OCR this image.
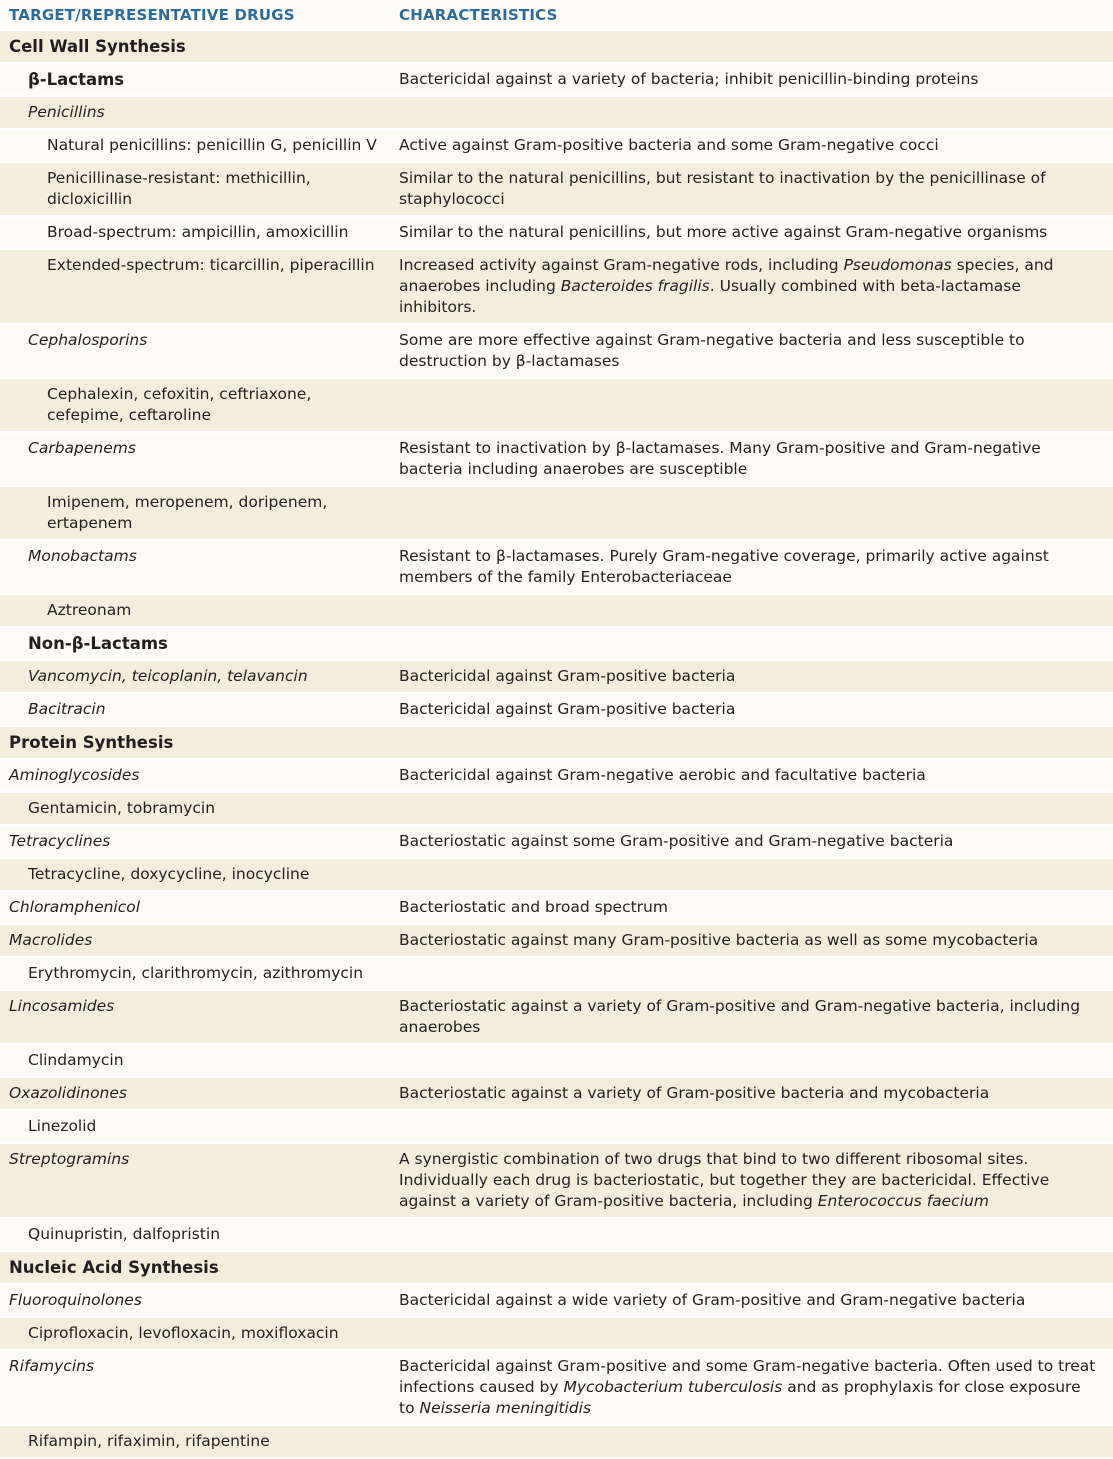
TARGET/REPRESENTATIVE DRUGS	CHARACTERISTICS
Cell Wall Synthesis	
β-Lactams	Bactericidal against a variety of bacteria; inhibit penicillin-binding proteins
Penicillins	
Natural penicillins: penicillin G, penicillin V	Active against Gram-positive bacteria and some Gram-negative cocci
Penicillinase-resistant: methicillin, dicloxicillin	Similar to the natural penicillins, but resistant to inactivation by the penicillinase of staphylococci
Broad-spectrum: ampicillin, amoxicillin	Similar to the natural penicillins, but more active against Gram-negative organisms
Extended-spectrum: ticarcillin, piperacillin	Increased activity against Gram-negative rods, including Pseudomonas species, and anaerobes including Bacteroides fragilis. Usually combined with beta-lactamase inhibitors.
Cephalosporins	Some are more effective against Gram-negative bacteria and less susceptible to destruction by β-lactamases
Cephalexin, cefoxitin, ceftriaxone, cefepime, ceftaroline	
Carbapenems	Resistant to inactivation by β-lactamases. Many Gram-positive and Gram-negative bacteria including anaerobes are susceptible
Imipenem, meropenem, doripenem, ertapenem	
Monobactams	Resistant to β-lactamases. Purely Gram-negative coverage, primarily active against members of the family Enterobacteriaceae
Aztreonam	
Non-β-Lactams	
Vancomycin, teicoplanin, telavancin	Bactericidal against Gram-positive bacteria
Bacitracin	Bactericidal against Gram-positive bacteria
Protein Synthesis	
Aminoglycosides	Bactericidal against Gram-negative aerobic and facultative bacteria
Gentamicin, tobramycin	
Tetracyclines	Bacteriostatic against some Gram-positive and Gram-negative bacteria
Tetracycline, doxycycline, inocycline	
Chloramphenicol	Bacteriostatic and broad spectrum
Macrolides	Bacteriostatic against many Gram-positive bacteria as well as some mycobacteria
Erythromycin, clarithromycin, azithromycin	
Lincosamides	Bacteriostatic against a variety of Gram-positive and Gram-negative bacteria, including anaerobes
Clindamycin	
Oxazolidinones	Bacteriostatic against a variety of Gram-positive bacteria and mycobacteria
Linezolid	
Streptogramins	A synergistic combination of two drugs that bind to two different ribosomal sites. Individually each drug is bacteriostatic, but together they are bactericidal. Effective against a variety of Gram-positive bacteria, including Enterococcus faecium
Quinupristin, dalfopristin	
Nucleic Acid Synthesis	
Fluoroquinolones	Bactericidal against a wide variety of Gram-positive and Gram-negative bacteria
Ciprofloxacin, levofloxacin, moxifloxacin	
Rifamycins	Bactericidal against Gram-positive and some Gram-negative bacteria. Often used to treat infections caused by Mycobacterium tuberculosis and as prophylaxis for close exposure to Neisseria meningitidis
Rifampin, rifaximin, rifapentine	
